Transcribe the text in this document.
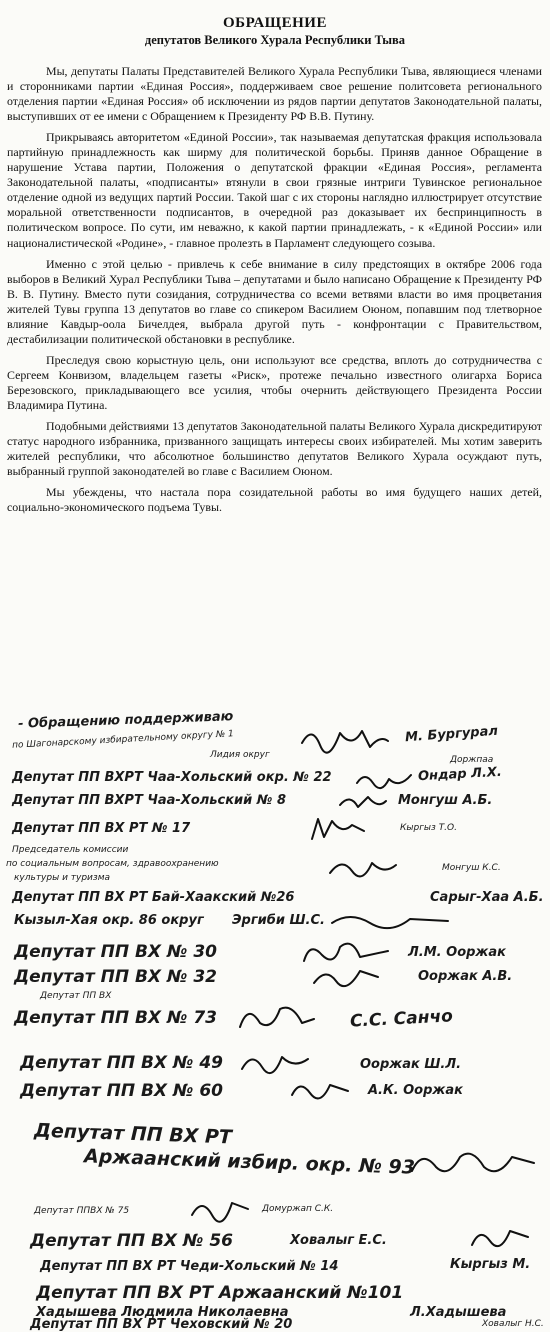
ОБРАЩЕНИЕ
депутатов Великого Хурала Республики Тыва

Мы, депутаты Палаты Представителей Великого Хурала Республики Тыва, являющиеся членами и сторонниками партии «Единая Россия», поддерживаем свое решение политсовета регионального отделения партии «Единая Россия» об исключении из рядов партии депутатов Законодательной палаты, выступивших от ее имени с Обращением к Президенту РФ В.В. Путину.

Прикрываясь авторитетом «Единой России», так называемая депутатская фракция использовала партийную принадлежность как ширму для политической борьбы. Приняв данное Обращение в нарушение Устава партии, Положения о депутатской фракции «Единая Россия», регламента Законодательной палаты, «подписанты» втянули в свои грязные интриги Тувинское региональное отделение одной из ведущих партий России. Такой шаг с их стороны наглядно иллюстрирует отсутствие моральной ответственности подписантов, в очередной раз доказывает их беспринципность в политическом вопросе. По сути, им неважно, к какой партии принадлежать, - к «Единой России» или националистической «Родине», - главное пролезть в Парламент следующего созыва.

Именно с этой целью - привлечь к себе внимание в силу предстоящих в октябре 2006 года выборов в Великий Хурал Республики Тыва – депутатами и было написано Обращение к Президенту РФ В. В. Путину. Вместо пути созидания, сотрудничества со всеми ветвями власти во имя процветания жителей Тувы группа 13 депутатов во главе со спикером Василием Оюном, попавшим под тлетворное влияние Кавдыр-оола Бичелдея, выбрала другой путь - конфронтации с Правительством, дестабилизации политической обстановки в республике.

Преследуя свою корыстную цель, они используют все средства, вплоть до сотрудничества с Сергеем Конвизом, владельцем газеты «Риск», протеже печально известного олигарха Бориса Березовского, прикладывающего все усилия, чтобы очернить действующего Президента России Владимира Путина.

Подобными действиями 13 депутатов Законодательной палаты Великого Хурала дискредитируют статус народного избранника, призванного защищать интересы своих избирателей. Мы хотим заверить жителей республики, что абсолютное большинство депутатов Великого Хурала осуждают путь, выбранный группой законодателей во главе с Василием Оюном.

Мы убеждены, что настала пора созидательной работы во имя будущего наших детей, социально-экономического подъема Тувы.

- Обращению поддерживаю
по Шагонарскому избирательному округу № 1	М. Бургурал
Лидия округ	Доржпаа
Депутат ПП ВХРТ Чаа-Хольский окр. № 22	Ондар Л.Х.
Депутат ПП ВХРТ Чаа-Хольский № 8	Монгуш А.Б.
Депутат ПП ВХ РТ № 17	Кыргыз Т.О.
Председатель комиссии
по социальным вопросам, здравоохранению
культуры и туризма
Монгуш К.С.
Депутат ПП ВХ РТ Бай-Хаакский №26	Сарыг-Хаа А.Б.
Кызыл-Хая окр. 86 округ Эргиби Ш.С.
Депутат ПП ВХ № 30	Л.М. Ооржак
Депутат ПП ВХ № 32	Ооржак А.В.
Депутат ПП ВХ
Депутат ПП ВХ № 73	С.С. Санчо
Депутат ПП ВХ № 49	Ооржак Ш.Л.
Депутат ПП ВХ № 60	А.К. Ооржак
Депутат ПП ВХ РТ
Аржаанский избир. окр. № 93
Депутат ППВХ № 75	Домуржап С.К.
Депутат ПП ВХ № 56	Ховалыг Е.С.
Депутат ПП ВХ РТ Чеди-Хольский № 14	Кыргыз М.
Депутат ПП ВХ РТ Аржаанский №101
Хадышева Людмила Николаевна	Л.Хадышева
Депутат ПП ВХ РТ Чеховский № 20	Ховалыг Н.С.
